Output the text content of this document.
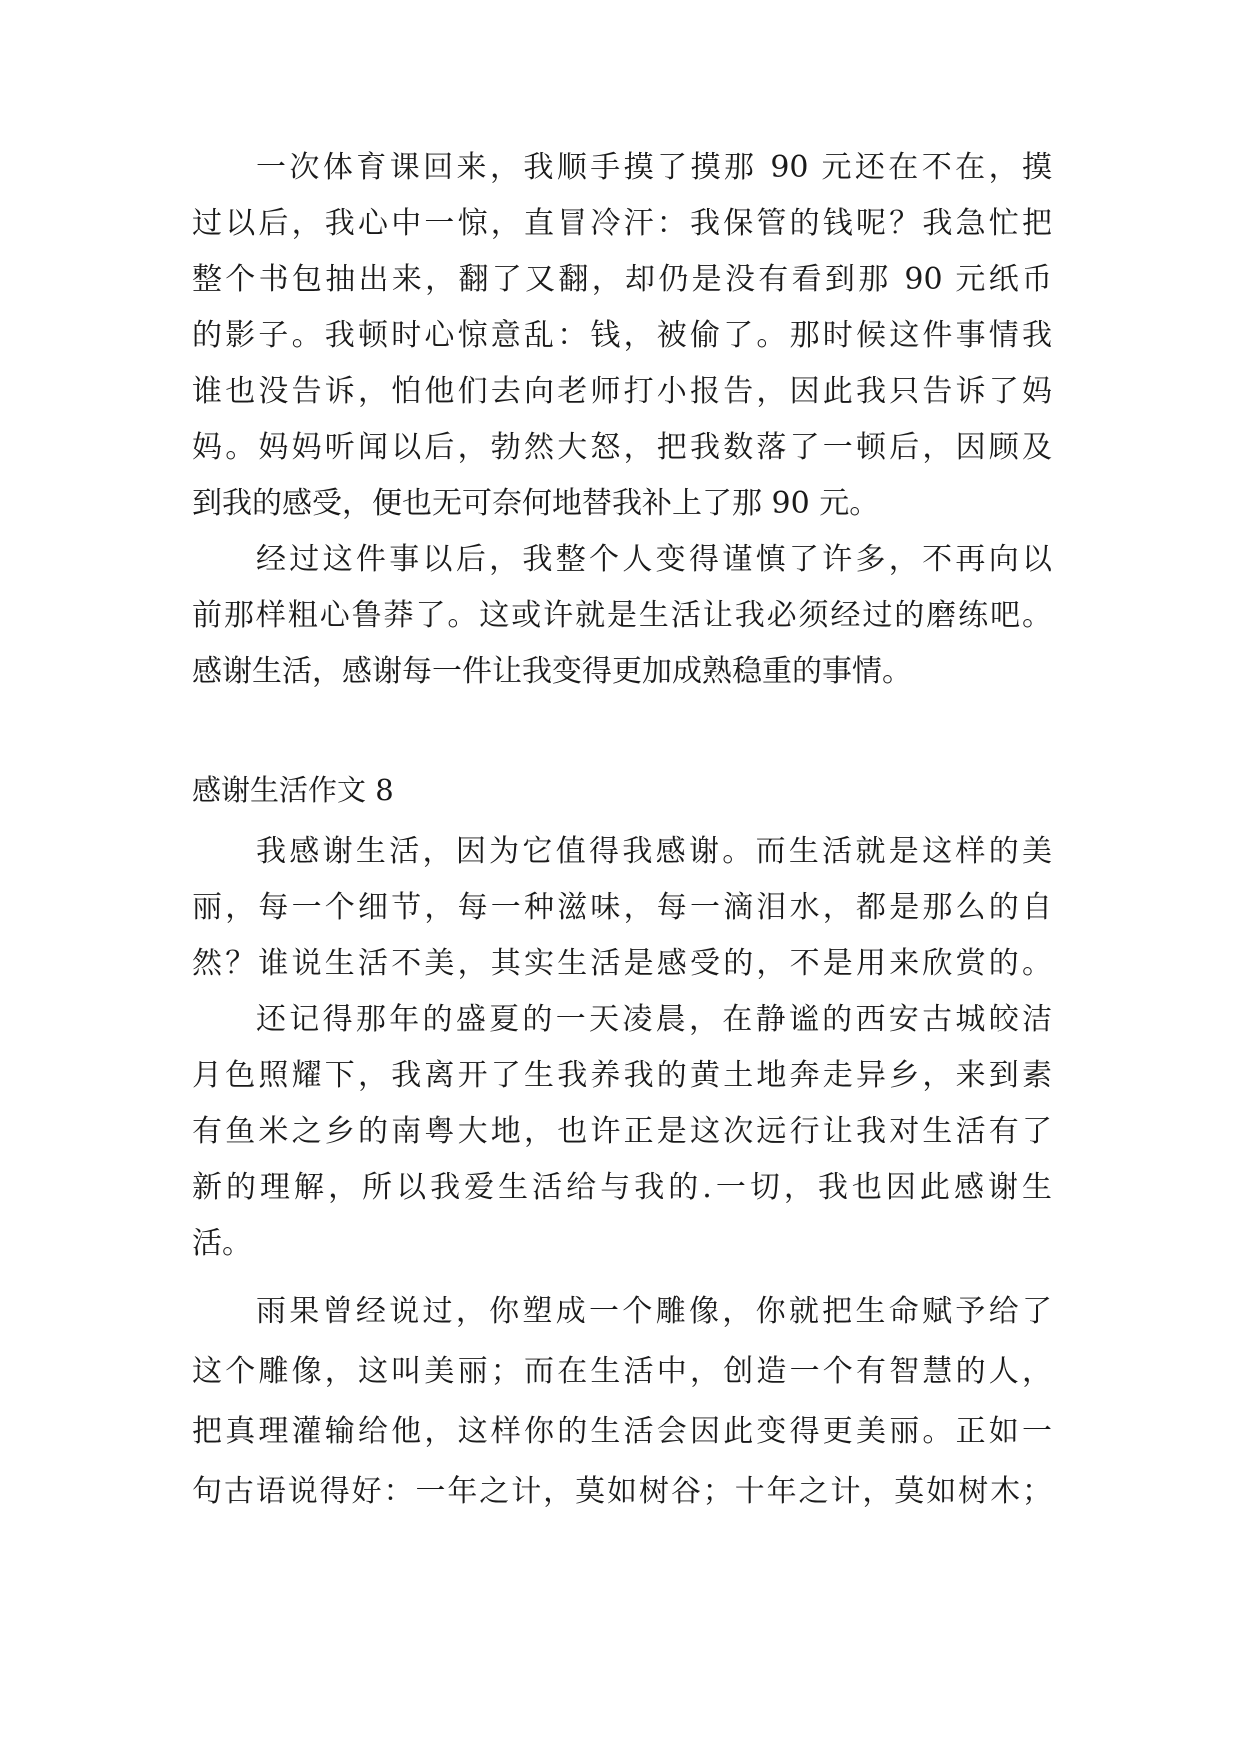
一次体育课回来，我顺手摸了摸那 90 元还在不在，摸
过以后，我心中一惊，直冒冷汗：我保管的钱呢？我急忙把
整个书包抽出来，翻了又翻，却仍是没有看到那 90 元纸币
的影子。我顿时心惊意乱：钱，被偷了。那时候这件事情我
谁也没告诉，怕他们去向老师打小报告，因此我只告诉了妈
妈。妈妈听闻以后，勃然大怒，把我数落了一顿后，因顾及
到我的感受，便也无可奈何地替我补上了那 90 元。
经过这件事以后，我整个人变得谨慎了许多，不再向以
前那样粗心鲁莽了。这或许就是生活让我必须经过的磨练吧。
感谢生活，感谢每一件让我变得更加成熟稳重的事情。
感谢生活作文 8
我感谢生活，因为它值得我感谢。而生活就是这样的美
丽，每一个细节，每一种滋味，每一滴泪水，都是那么的自
然？谁说生活不美，其实生活是感受的，不是用来欣赏的。
还记得那年的盛夏的一天凌晨，在静谧的西安古城皎洁
月色照耀下，我离开了生我养我的黄土地奔走异乡，来到素
有鱼米之乡的南粤大地，也许正是这次远行让我对生活有了
新的理解，所以我爱生活给与我的.一切，我也因此感谢生
活。
雨果曾经说过，你塑成一个雕像，你就把生命赋予给了
这个雕像，这叫美丽；而在生活中，创造一个有智慧的人，
把真理灌输给他，这样你的生活会因此变得更美丽。正如一
句古语说得好：一年之计，莫如树谷；十年之计，莫如树木；
